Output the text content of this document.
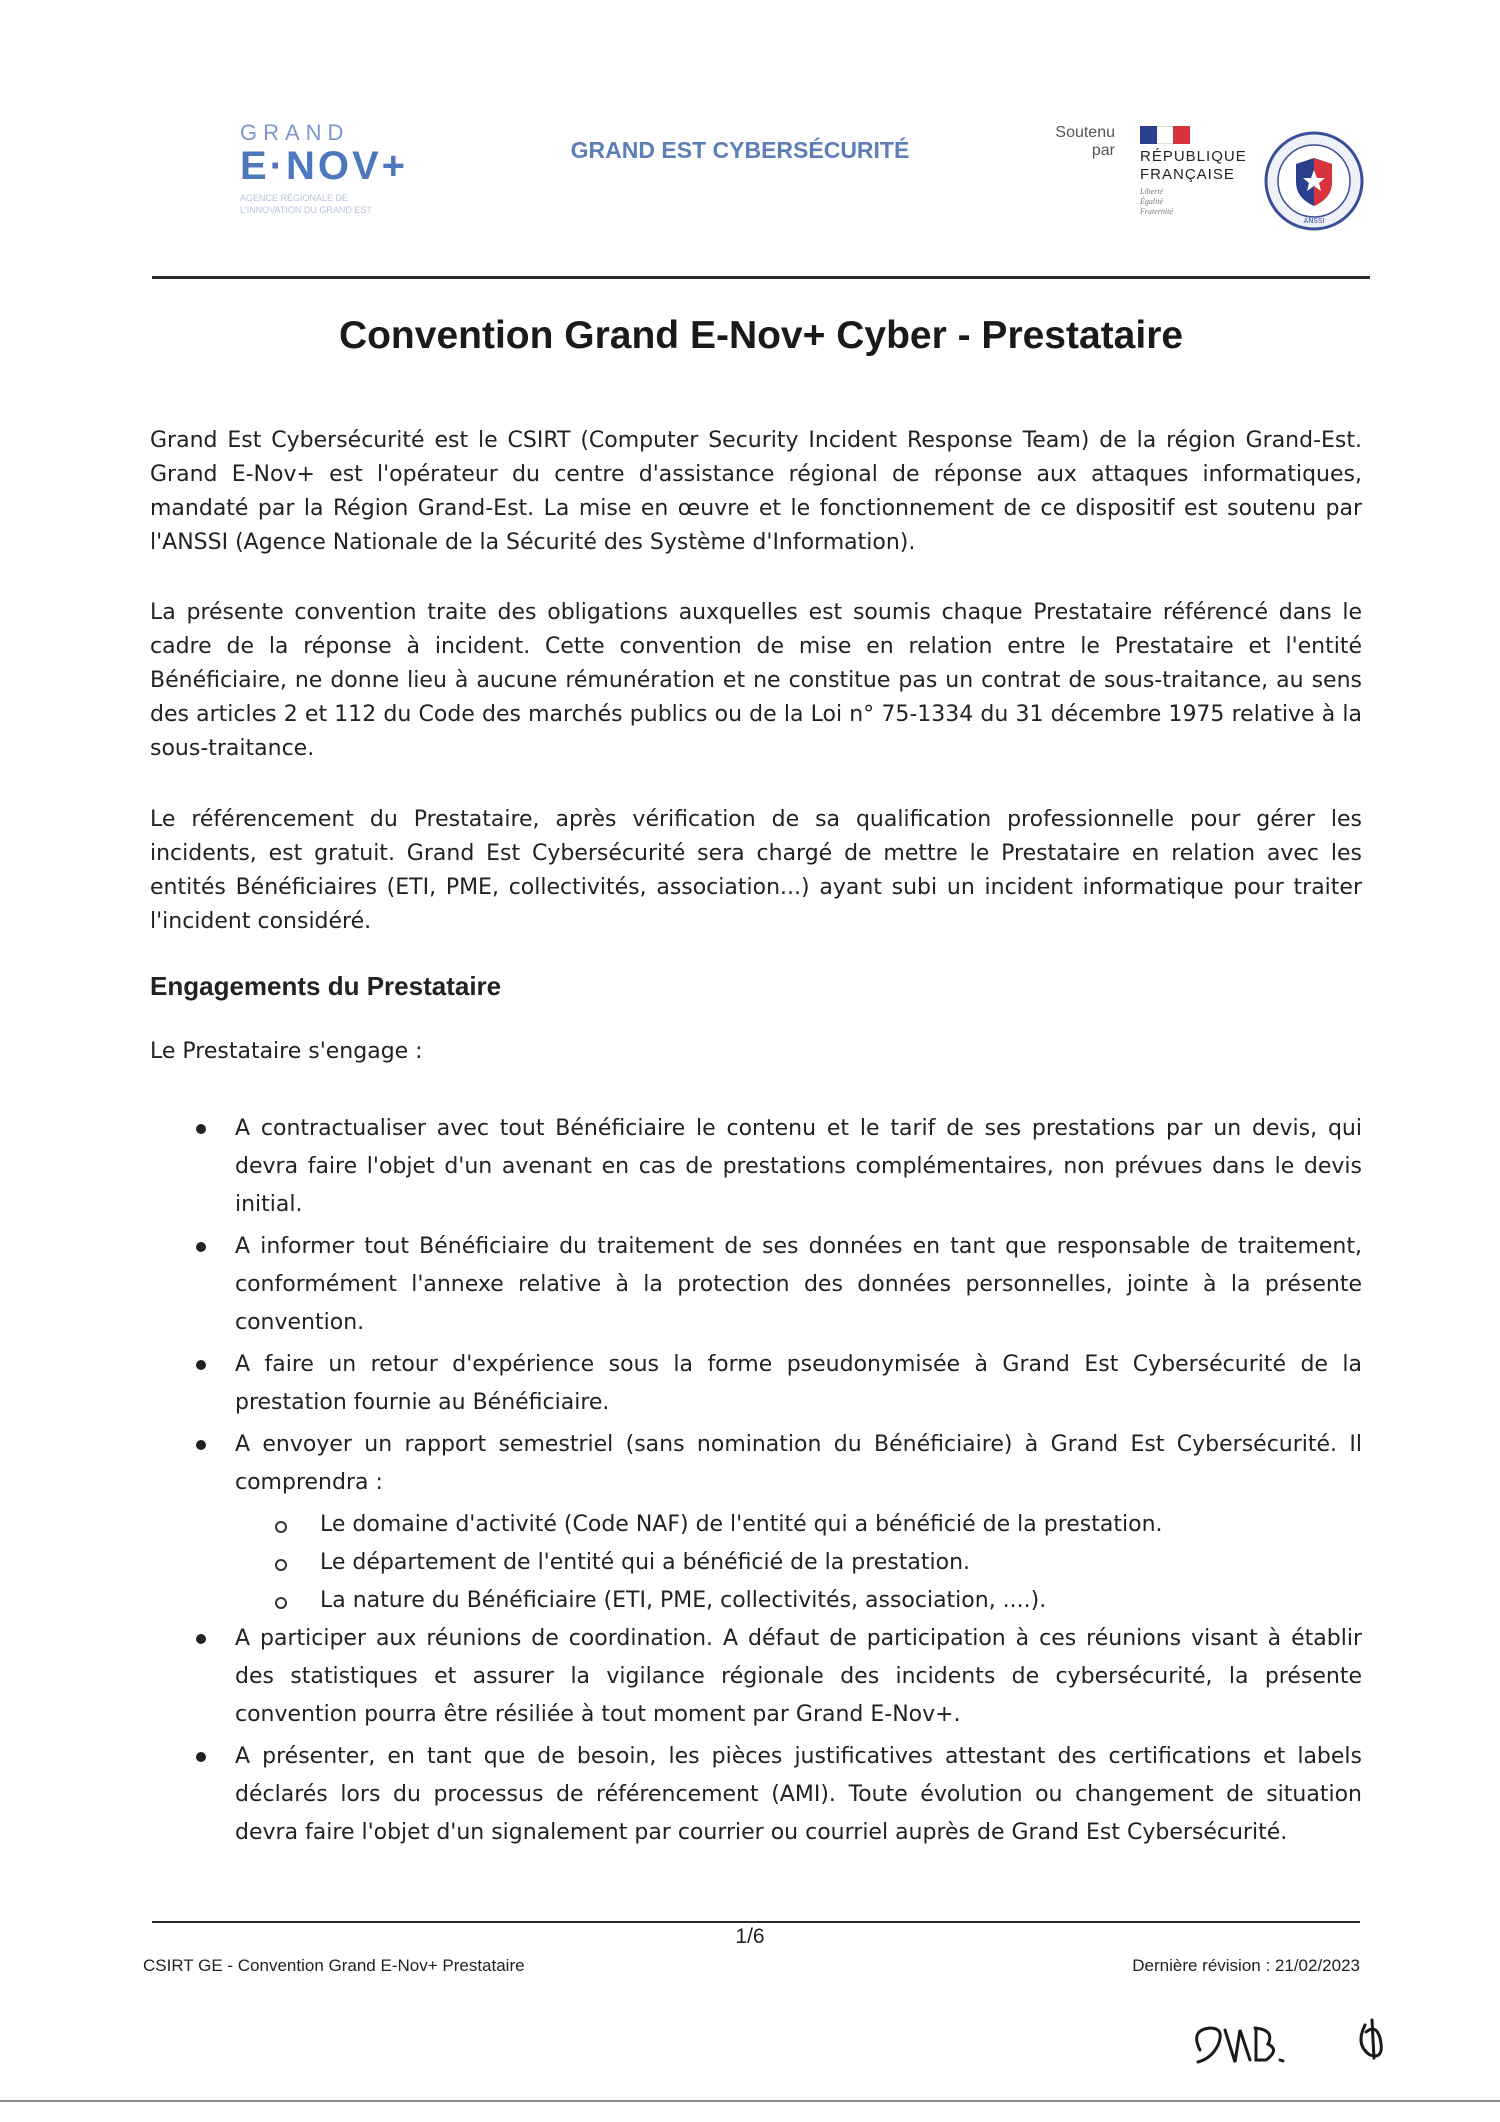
GRAND
E·NOV+
AGENCE RÉGIONALE DE
L'INNOVATION DU GRAND EST
GRAND EST CYBERSÉCURITÉ
Soutenu
par RÉPUBLIQUE
FRANÇAISE
Liberté
Égalité
Fraternité
ANSSI
Convention Grand E-Nov+ Cyber - Prestataire
Grand Est Cybersécurité est le CSIRT (Computer Security Incident Response Team) de la région Grand-Est. Grand E-Nov+ est l'opérateur du centre d'assistance régional de réponse aux attaques informatiques, mandaté par la Région Grand-Est. La mise en œuvre et le fonctionnement de ce dispositif est soutenu par l'ANSSI (Agence Nationale de la Sécurité des Système d'Information).
La présente convention traite des obligations auxquelles est soumis chaque Prestataire référencé dans le cadre de la réponse à incident. Cette convention de mise en relation entre le Prestataire et l'entité Bénéficiaire, ne donne lieu à aucune rémunération et ne constitue pas un contrat de sous-traitance, au sens des articles 2 et 112 du Code des marchés publics ou de la Loi n° 75-1334 du 31 décembre 1975 relative à la sous-traitance.
Le référencement du Prestataire, après vérification de sa qualification professionnelle pour gérer les incidents, est gratuit. Grand Est Cybersécurité sera chargé de mettre le Prestataire en relation avec les entités Bénéficiaires (ETI, PME, collectivités, association...) ayant subi un incident informatique pour traiter l'incident considéré.
Engagements du Prestataire
Le Prestataire s'engage :
A contractualiser avec tout Bénéficiaire le contenu et le tarif de ses prestations par un devis, qui devra faire l'objet d'un avenant en cas de prestations complémentaires, non prévues dans le devis initial.
A informer tout Bénéficiaire du traitement de ses données en tant que responsable de traitement, conformément l'annexe relative à la protection des données personnelles, jointe à la présente convention.
A faire un retour d'expérience sous la forme pseudonymisée à Grand Est Cybersécurité de la prestation fournie au Bénéficiaire.
A envoyer un rapport semestriel (sans nomination du Bénéficiaire) à Grand Est Cybersécurité. Il comprendra :
Le domaine d'activité (Code NAF) de l'entité qui a bénéficié de la prestation.
Le département de l'entité qui a bénéficié de la prestation.
La nature du Bénéficiaire (ETI, PME, collectivités, association, ....).
A participer aux réunions de coordination. A défaut de participation à ces réunions visant à établir des statistiques et assurer la vigilance régionale des incidents de cybersécurité, la présente convention pourra être résiliée à tout moment par Grand E-Nov+.
A présenter, en tant que de besoin, les pièces justificatives attestant des certifications et labels déclarés lors du processus de référencement (AMI). Toute évolution ou changement de situation devra faire l'objet d'un signalement par courrier ou courriel auprès de Grand Est Cybersécurité.
1/6
CSIRT GE - Convention Grand E-Nov+ Prestataire	Dernière révision : 21/02/2023
